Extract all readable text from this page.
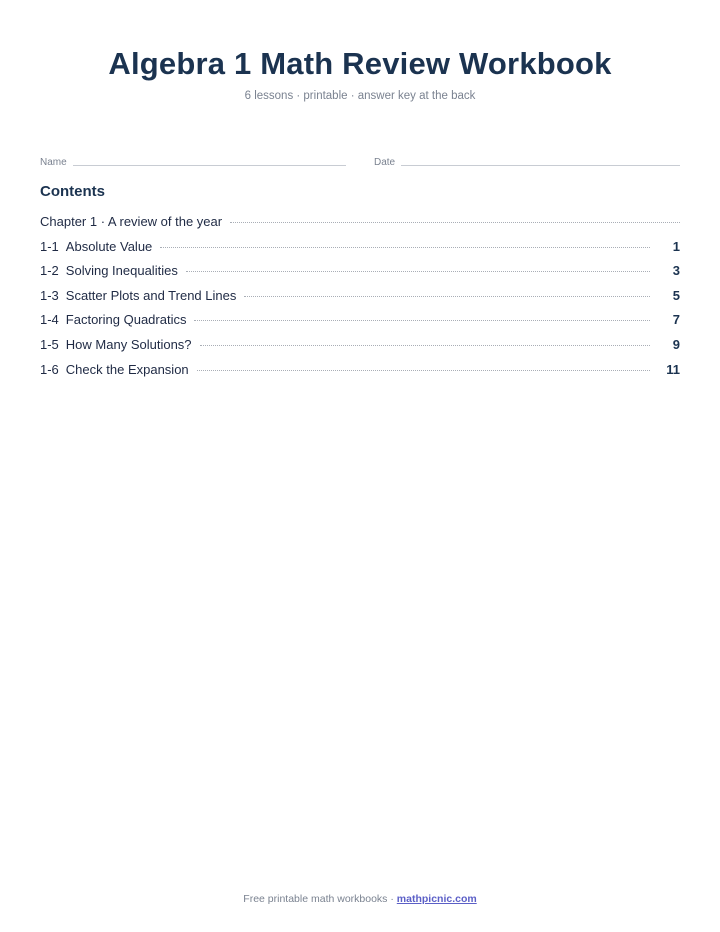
Algebra 1 Math Review Workbook
6 lessons · printable · answer key at the back
Name	Date
Contents
Chapter 1 · A review of the year
1-1 Absolute Value	1
1-2 Solving Inequalities	3
1-3 Scatter Plots and Trend Lines	5
1-4 Factoring Quadratics	7
1-5 How Many Solutions?	9
1-6 Check the Expansion	11
Free printable math workbooks · mathpicnic.com
